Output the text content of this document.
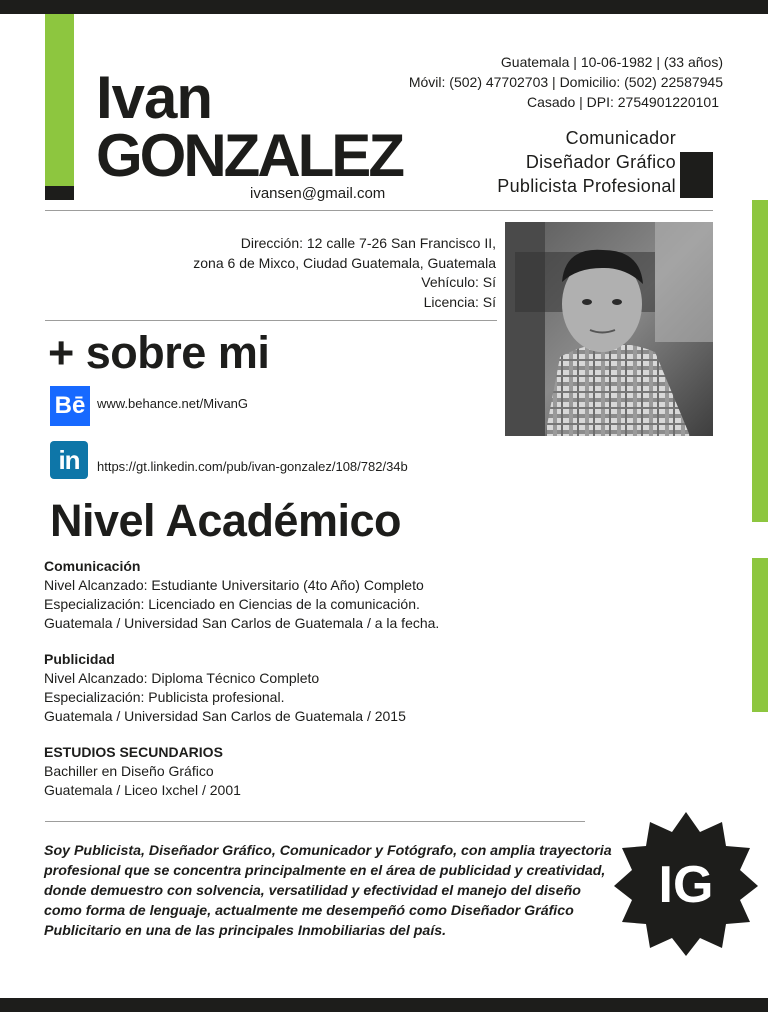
Ivan
GONZALEZ
ivansen@gmail.com
Guatemala | 10-06-1982 | (33 años)
Móvil: (502) 47702703 | Domicilio: (502) 22587945
Casado | DPI: 2754901220101
Comunicador
Diseñador Gráfico
Publicista Profesional
Dirección: 12 calle 7-26 San Francisco II,
zona 6 de Mixco, Ciudad Guatemala, Guatemala
Vehículo: Sí
Licencia: Sí
+ sobre mi
Bē www.behance.net/MivanG
in	https://gt.linkedin.com/pub/ivan-gonzalez/108/782/34b
Nivel Académico
Comunicación
Nivel Alcanzado: Estudiante Universitario (4to Año) Completo
Especialización: Licenciado en Ciencias de la comunicación.
Guatemala / Universidad San Carlos de Guatemala / a la fecha.
Publicidad
Nivel Alcanzado: Diploma Técnico Completo
Especialización: Publicista profesional.
Guatemala / Universidad San Carlos de Guatemala / 2015
ESTUDIOS SECUNDARIOS
Bachiller en Diseño Gráfico
Guatemala / Liceo Ixchel / 2001
Soy Publicista, Diseñador Gráfico, Comunicador y Fotógrafo, con amplia trayectoria
profesional que se concentra principalmente en el área de publicidad y creatividad,
donde demuestro con solvencia, versatilidad y efectividad el manejo del diseño
como forma de lenguaje, actualmente me desempeñó como Diseñador Gráfico
Publicitario en una de las principales Inmobiliarias del país.
IG
